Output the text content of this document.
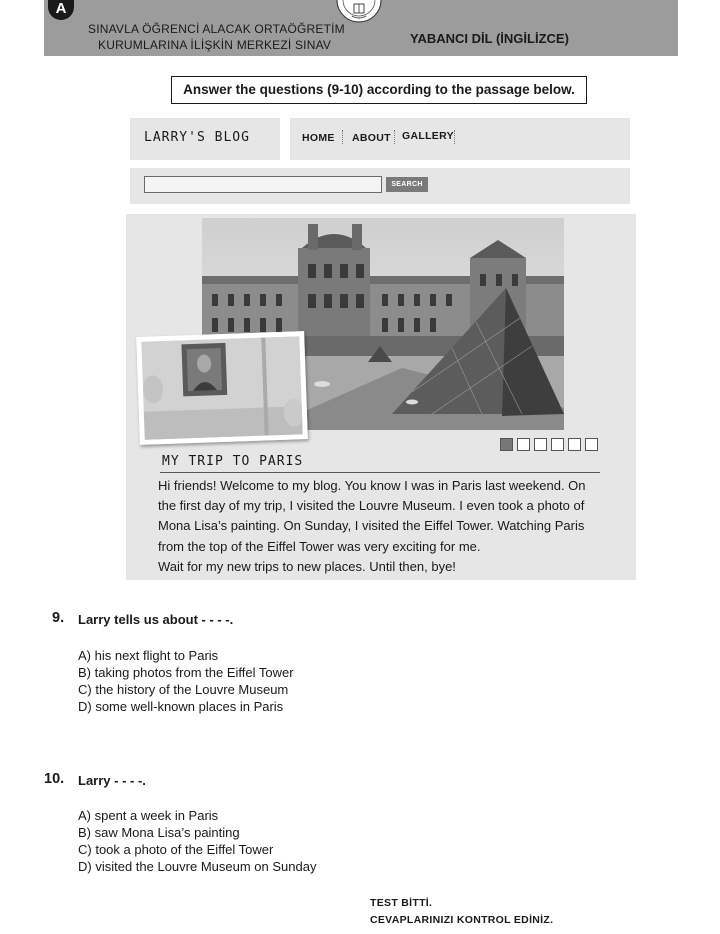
A
SINAVLA ÖĞRENCİ ALACAK ORTAÖĞRETİM
KURUMLARINA İLİŞKİN MERKEZİ SINAV	YABANCI DİL (İNGİLİZCE)
Answer the questions (9-10) according to the passage below.
LARRY'S BLOG	HOME ABOUT GALLERY
SEARCH
MY TRIP TO PARIS
Hi friends! Welcome to my blog. You know I was in Paris last weekend. On
the first day of my trip, I visited the Louvre Museum. I even took a photo of
Mona Lisa’s painting. On Sunday, I visited the Eiffel Tower. Watching Paris
from the top of the Eiffel Tower was very exciting for me.
Wait for my new trips to new places. Until then, bye!
9. Larry tells us about - - - -.
A) his next flight to Paris
B) taking photos from the Eiffel Tower
C) the history of the Louvre Museum
D) some well-known places in Paris
10. Larry - - - -.
A) spent a week in Paris
B) saw Mona Lisa’s painting
C) took a photo of the Eiffel Tower
D) visited the Louvre Museum on Sunday
TEST BİTTİ.
CEVAPLARINIZI KONTROL EDİNİZ.
